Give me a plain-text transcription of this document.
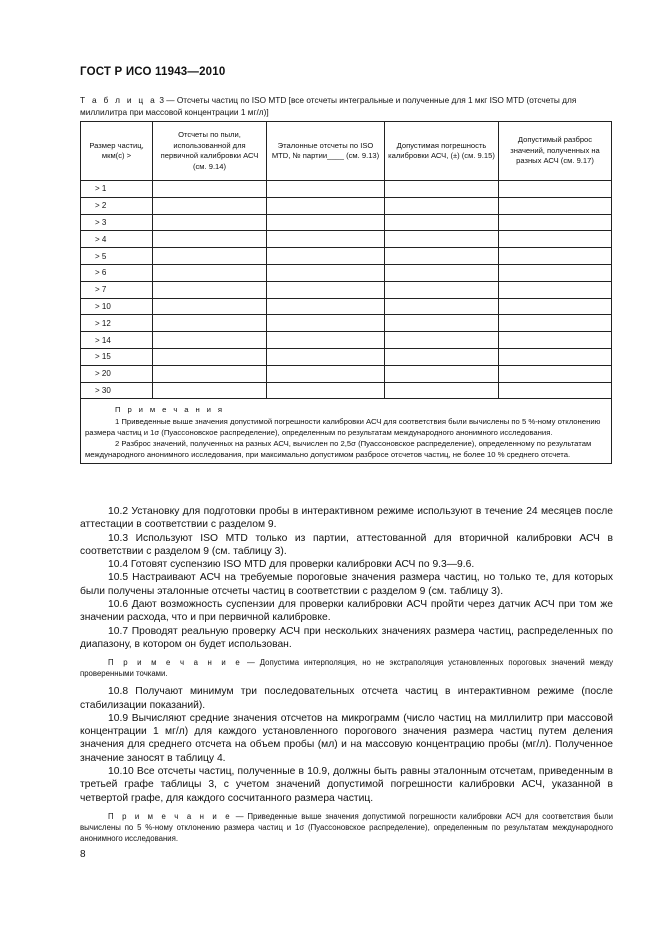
ГОСТ Р ИСО 11943—2010
Т а б л и ц а 3 — Отсчеты частиц по ISO MTD [все отсчеты интегральные и полученные для 1 мкг ISO MTD (отсчеты для миллилитра при массовой концентрации 1 мг/л)]
Размер частиц, мкм(с) >	Отсчеты по пыли, использованной для первичной калибровки АСЧ (см. 9.14)	Эталонные отсчеты по ISO MTD, № партии____ (см. 9.13)	Допустимая погрешность калибровки АСЧ, (±) (см. 9.15)	Допустимый разброс значений, полученных на разных АСЧ (см. 9.17)
> 1				
> 2				
> 3				
> 4				
> 5				
> 6				
> 7				
> 10				
> 12				
> 14				
> 15				
> 20				
> 30				

П р и м е ч а н и я

1 Приведенные выше значения допустимой погрешности калибровки АСЧ для соответствия были вычислены по 5 %-ному отклонению размера частиц и 1σ (Пуассоновское распределение), определенным по результатам международного анонимного исследования.

2 Разброс значений, полученных на разных АСЧ, вычислен по 2,5σ (Пуассоновское распределение), определенному по результатам международного анонимного исследования, при максимально допустимом разбросе отсчетов частиц, не более 10 % среднего отсчета.				

10.2 Установку для подготовки пробы в интерактивном режиме используют в течение 24 месяцев после аттестации в соответствии с разделом 9.

10.3 Используют ISO MTD только из партии, аттестованной для вторичной калибровки АСЧ в соответствии с разделом 9 (см. таблицу 3).

10.4 Готовят суспензию ISO MTD для проверки калибровки АСЧ по 9.3—9.6.

10.5 Настраивают АСЧ на требуемые пороговые значения размера частиц, но только те, для которых были получены эталонные отсчеты частиц в соответствии с разделом 9 (см. таблицу 3).

10.6 Дают возможность суспензии для проверки калибровки АСЧ пройти через датчик АСЧ при том же значении расхода, что и при первичной калибровке.

10.7 Проводят реальную проверку АСЧ при нескольких значениях размера частиц, распределенных по диапазону, в котором он будет использован.

П р и м е ч а н и е — Допустима интерполяция, но не экстраполяция установленных пороговых значений между проверенными точками.

10.8 Получают минимум три последовательных отсчета частиц в интерактивном режиме (после стабилизации показаний).

10.9 Вычисляют средние значения отсчетов на микрограмм (число частиц на миллилитр при массовой концентрации 1 мг/л) для каждого установленного порогового значения размера частиц путем деления значения для среднего отсчета на объем пробы (мл) и на массовую концентрацию пробы (мг/л). Полученное значение заносят в таблицу 4.

10.10 Все отсчеты частиц, полученные в 10.9, должны быть равны эталонным отсчетам, приведенным в третьей графе таблицы 3, с учетом значений допустимой погрешности калибровки АСЧ, указанной в четвертой графе, для каждого сосчитанного размера частиц.

П р и м е ч а н и е — Приведенные выше значения допустимой погрешности калибровки АСЧ для соответствия были вычислены по 5 %-ному отклонению размера частиц и 1σ (Пуассоновское распределение), определенным по результатам международного анонимного исследования.

8
